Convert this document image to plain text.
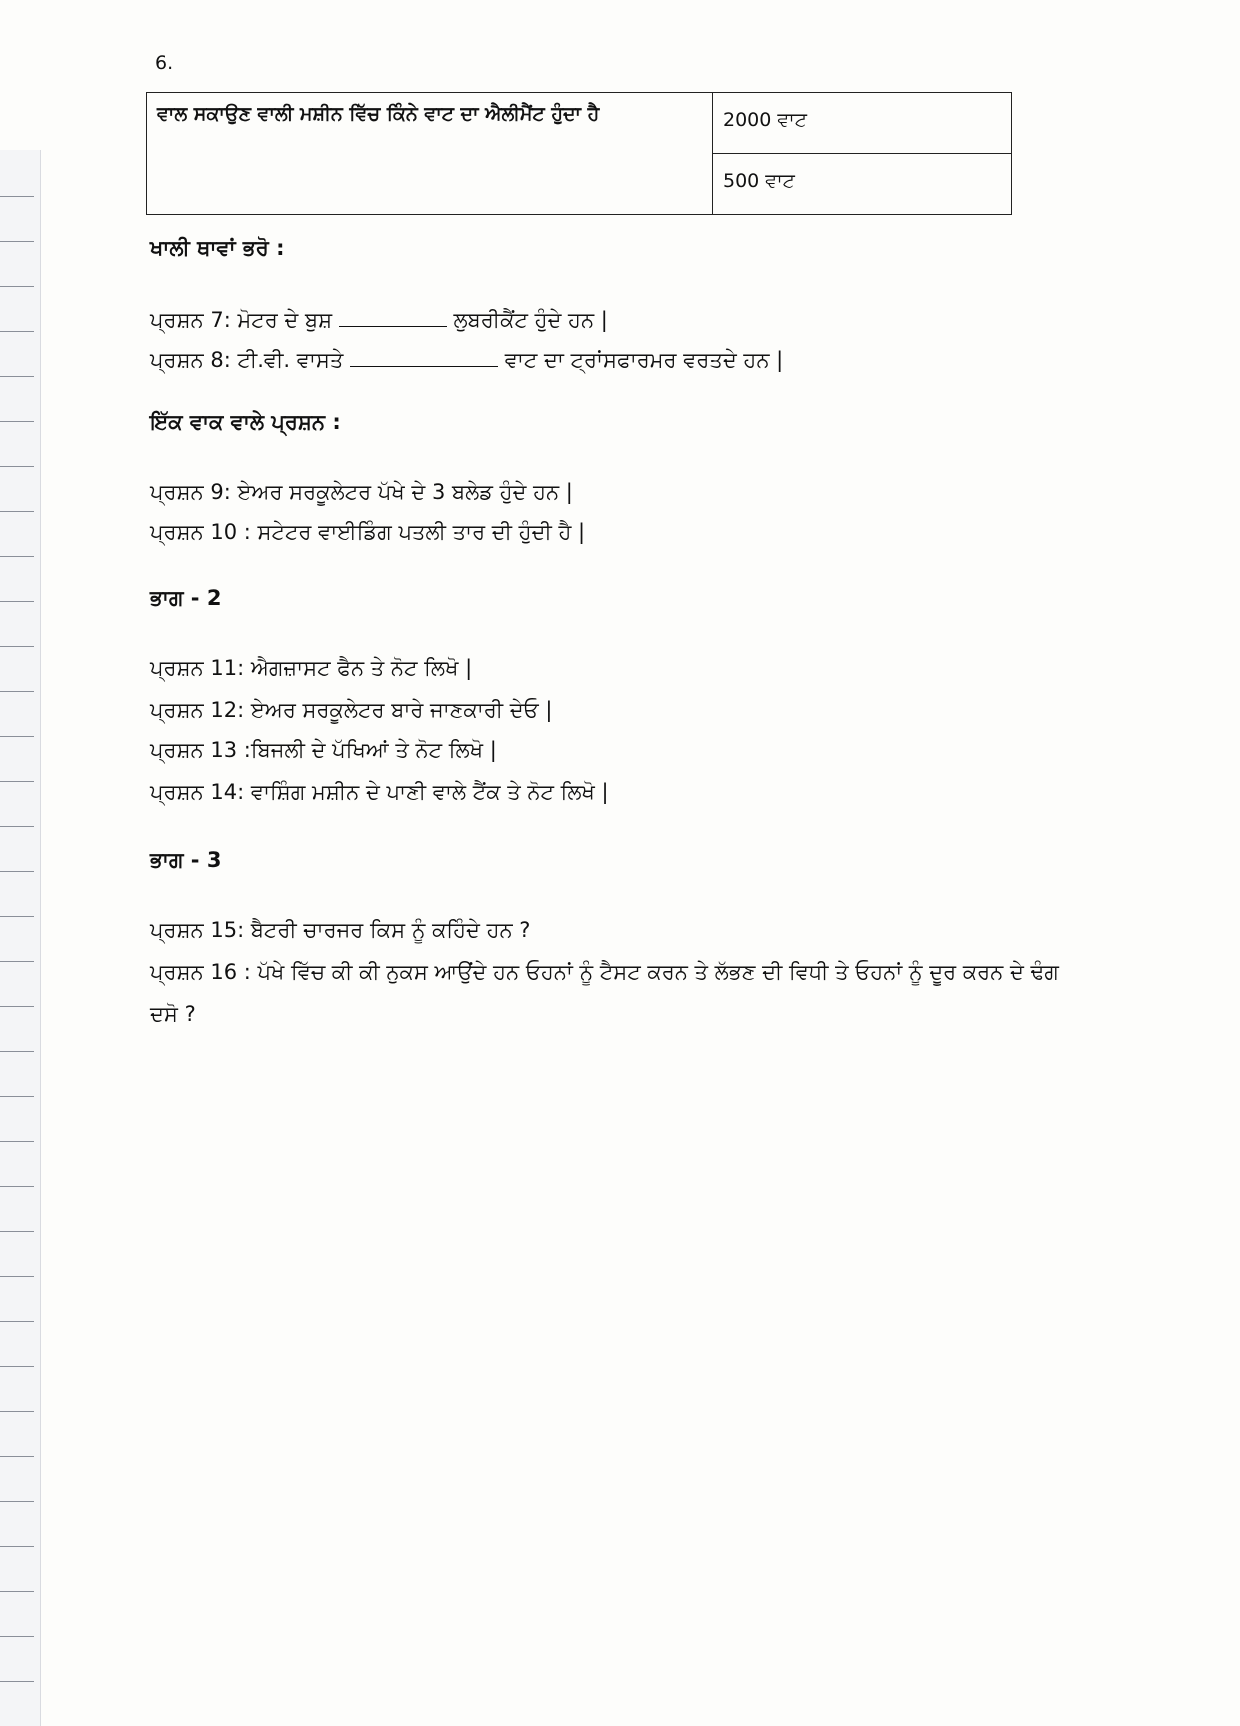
6.
ਵਾਲ ਸਕਾਉਣ ਵਾਲੀ ਮਸ਼ੀਨ ਵਿੱਚ ਕਿੰਨੇ ਵਾਟ ਦਾ ਐਲੀਮੈਂਟ ਹੁੰਦਾ ਹੈ	2000 ਵਾਟ
500 ਵਾਟ
ਖਾਲੀ ਥਾਵਾਂ ਭਰੋ :
ਪ੍ਰਸ਼ਨ 7: ਮੋਟਰ ਦੇ ਬੁਸ਼	ਲੁਬਰੀਕੈਂਟ ਹੁੰਦੇ ਹਨ |
ਪ੍ਰਸ਼ਨ 8: ਟੀ.ਵੀ. ਵਾਸਤੇ	ਵਾਟ ਦਾ ਟ੍ਰਾਂਸਫਾਰਮਰ ਵਰਤਦੇ ਹਨ |
ਇੱਕ ਵਾਕ ਵਾਲੇ ਪ੍ਰਸ਼ਨ :
ਪ੍ਰਸ਼ਨ 9: ਏਅਰ ਸਰਕੂਲੇਟਰ ਪੱਖੇ ਦੇ 3 ਬਲੇਡ ਹੁੰਦੇ ਹਨ |
ਪ੍ਰਸ਼ਨ 10 : ਸਟੇਟਰ ਵਾਈਡਿੰਗ ਪਤਲੀ ਤਾਰ ਦੀ ਹੁੰਦੀ ਹੈ |
ਭਾਗ - 2
ਪ੍ਰਸ਼ਨ 11: ਐਗਜ਼ਾਸਟ ਫੈਨ ਤੇ ਨੋਟ ਲਿਖੋ |
ਪ੍ਰਸ਼ਨ 12: ਏਅਰ ਸਰਕੂਲੇਟਰ ਬਾਰੇ ਜਾਣਕਾਰੀ ਦੇਓ |
ਪ੍ਰਸ਼ਨ 13 :ਬਿਜਲੀ ਦੇ ਪੱਖਿਆਂ ਤੇ ਨੋਟ ਲਿਖੋ |
ਪ੍ਰਸ਼ਨ 14: ਵਾਸ਼ਿੰਗ ਮਸ਼ੀਨ ਦੇ ਪਾਣੀ ਵਾਲੇ ਟੈਂਕ ਤੇ ਨੋਟ ਲਿਖੋ |
ਭਾਗ - 3
ਪ੍ਰਸ਼ਨ 15: ਬੈਟਰੀ ਚਾਰਜਰ ਕਿਸ ਨੂੰ ਕਹਿੰਦੇ ਹਨ ?
ਪ੍ਰਸ਼ਨ 16 : ਪੱਖੇ ਵਿੱਚ ਕੀ ਕੀ ਨੁਕਸ ਆਉਂਦੇ ਹਨ ਓਹਨਾਂ ਨੂੰ ਟੈਸਟ ਕਰਨ ਤੇ ਲੱਭਣ ਦੀ ਵਿਧੀ ਤੇ ਓਹਨਾਂ ਨੂੰ ਦੂਰ ਕਰਨ ਦੇ ਢੰਗ
ਦਸੋ ?
